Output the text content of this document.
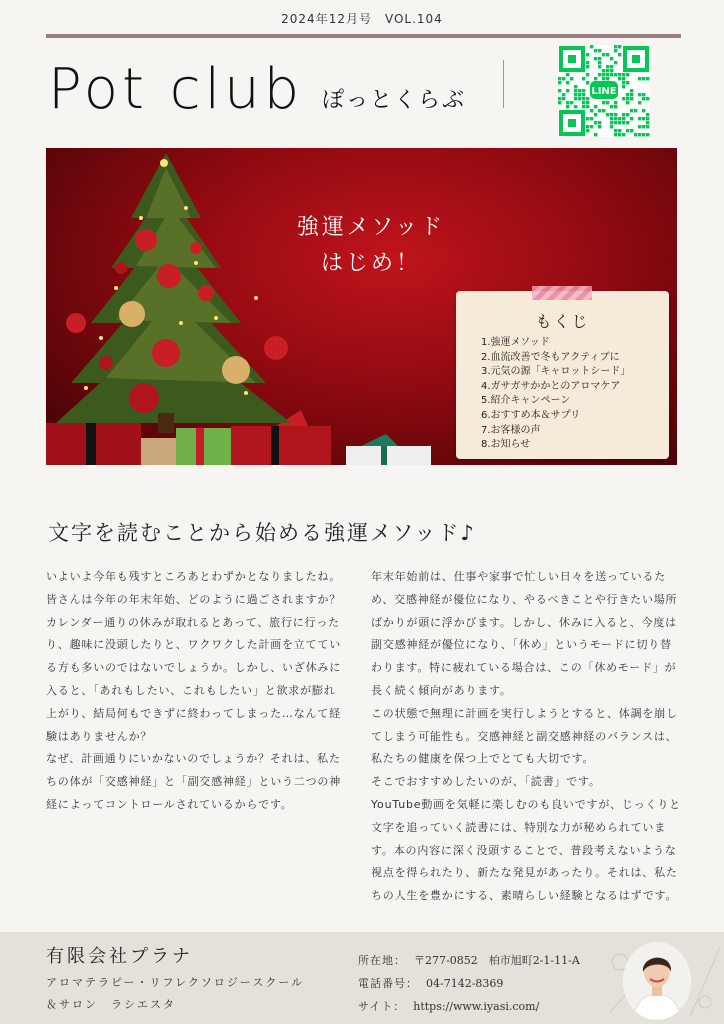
2024年12月号　VOL.104
Pot club ぽっとくらぶ	LINE
強運メソッド
はじめ！
もくじ
1.強運メソッド
2.血流改善で冬もアクティブに
3.元気の源「キャロットシード」
4.ガサガサかかとのアロマケア
5.紹介キャンペーン
6.おすすめ本＆サプリ
7.お客様の声
8.お知らせ
文字を読むことから始める強運メソッド♪

いよいよ今年も残すところあとわずかとなりましたね。皆さんは今年の年末年始、どのように過ごされますか？

カレンダー通りの休みが取れるとあって、旅行に行ったり、趣味に没頭したりと、ワクワクした計画を立てている方も多いのではないでしょうか。しかし、いざ休みに入ると、「あれもしたい、これもしたい」と欲求が膨れ上がり、結局何もできずに終わってしまった…なんて経験はありませんか？

なぜ、計画通りにいかないのでしょうか？それは、私たちの体が「交感神経」と「副交感神経」という二つの神経によってコントロールされているからです。

年末年始前は、仕事や家事で忙しい日々を送っているため、交感神経が優位になり、やるべきことや行きたい場所ばかりが頭に浮かびます。しかし、休みに入ると、今度は副交感神経が優位になり、「休め」というモードに切り替わります。特に疲れている場合は、この「休めモード」が長く続く傾向があります。

この状態で無理に計画を実行しようとすると、体調を崩してしまう可能性も。交感神経と副交感神経のバランスは、私たちの健康を保つ上でとても大切です。

そこでおすすめしたいのが、「読書」です。

YouTube動画を気軽に楽しむのも良いですが、じっくりと文字を追っていく読書には、特別な力が秘められています。本の内容に深く没頭することで、普段考えないような視点を得られたり、新たな発見があったり。それは、私たちの人生を豊かにする、素晴らしい経験となるはずです。

有限会社プラナ
アロマテラピー・リフレクソロジースクール＆サロン　ラシエスタ
所在地： 〒277-0852　柏市旭町2-1-11-A
電話番号： 04-7142-8369
サイト： https://www.iyasi.com/
